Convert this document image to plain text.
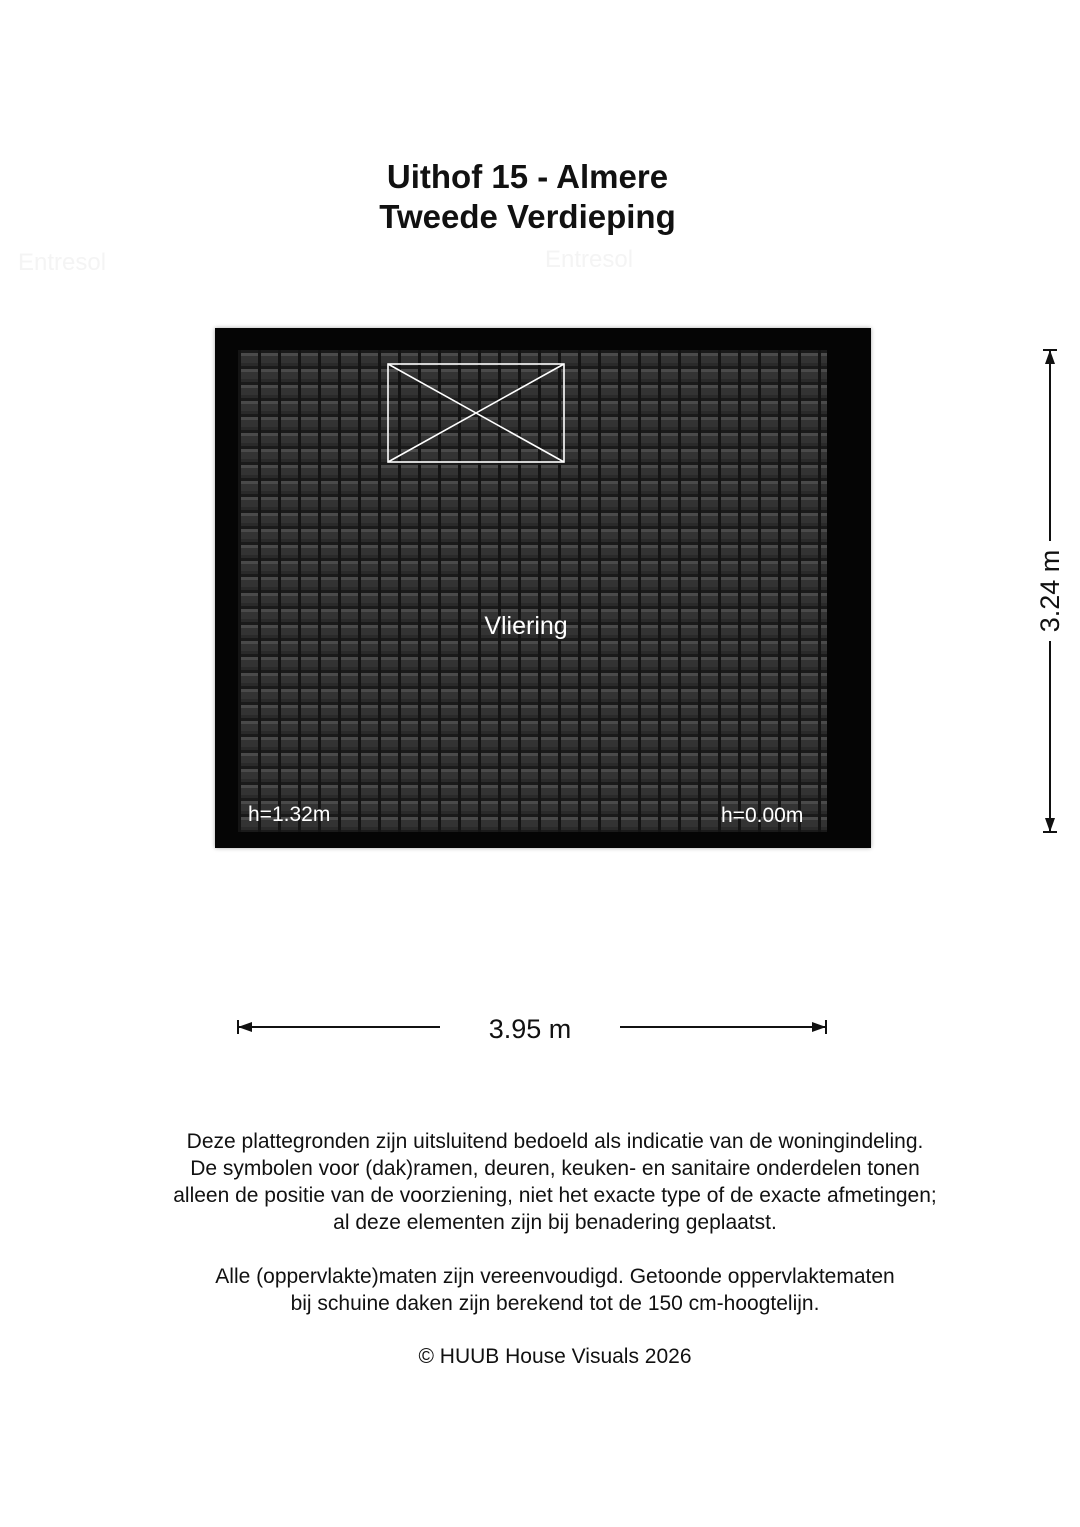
Uithof 15 - Almere
Tweede Verdieping
Entresol	Entresol
Vliering
h=1.32m	h=0.00m
3.95 m
3.24 m

Deze plattegronden zijn uitsluitend bedoeld als indicatie van de woningindeling.

De symbolen voor (dak)ramen, deuren, keuken- en sanitaire onderdelen tonen

alleen de positie van de voorziening, niet het exacte type of de exacte afmetingen;

al deze elementen zijn bij benadering geplaatst.

Alle (oppervlakte)maten zijn vereenvoudigd. Getoonde oppervlaktematen

bij schuine daken zijn berekend tot de 150 cm-hoogtelijn.

© HUUB House Visuals 2026
